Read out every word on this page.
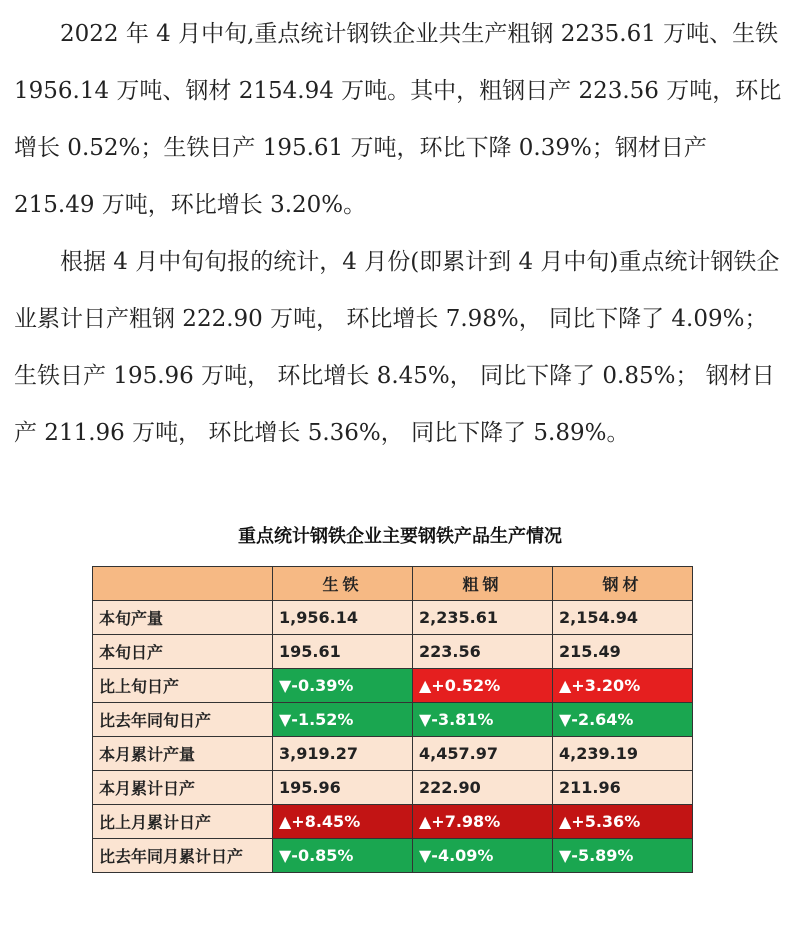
2022 年 4 月中旬,重点统计钢铁企业共生产粗钢 2235.61 万吨、生铁 1956.14 万吨、钢材 2154.94 万吨。其中，粗钢日产 223.56 万吨，环比增长 0.52%；生铁日产 195.61 万吨，环比下降 0.39%；钢材日产 215.49 万吨，环比增长 3.20%。

根据 4 月中旬旬报的统计，4 月份(即累计到 4 月中旬)重点统计钢铁企业累计日产粗钢 222.90 万吨， 环比增长 7.98%， 同比下降了 4.09%； 生铁日产 195.96 万吨， 环比增长 8.45%， 同比下降了 0.85%； 钢材日产 211.96 万吨， 环比增长 5.36%， 同比下降了 5.89%。

重点统计钢铁企业主要钢铁产品生产情况
	生铁	粗钢	钢材
本旬产量	1,956.14	2,235.61	2,154.94
本旬日产	195.61	223.56	215.49
比上旬日产	▼-0.39%	▲+0.52%	▲+3.20%
比去年同旬日产	▼-1.52%	▼-3.81%	▼-2.64%
本月累计产量	3,919.27	4,457.97	4,239.19
本月累计日产	195.96	222.90	211.96
比上月累计日产	▲+8.45%	▲+7.98%	▲+5.36%
比去年同月累计日产	▼-0.85%	▼-4.09%	▼-5.89%
